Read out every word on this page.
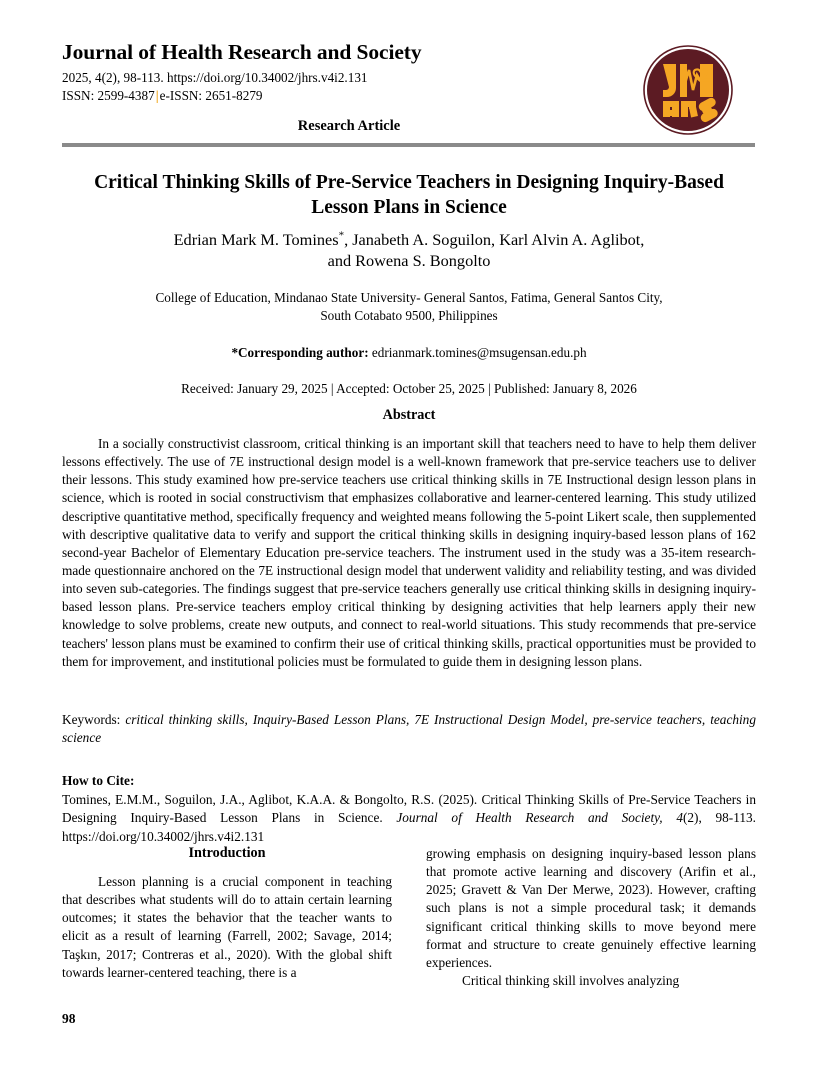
Journal of Health Research and Society
2025, 4(2), 98-113. https://doi.org/10.34002/jhrs.v4i2.131
ISSN: 2599-4387|e-ISSN: 2651-8279
Research Article
Critical Thinking Skills of Pre-Service Teachers in Designing Inquiry-Based Lesson Plans in Science
Edrian Mark M. Tomines*, Janabeth A. Soguilon, Karl Alvin A. Aglibot,
and Rowena S. Bongolto
College of Education, Mindanao State University- General Santos, Fatima, General Santos City, South Cotabato 9500, Philippines
*Corresponding author: edrianmark.tomines@msugensan.edu.ph
Received: January 29, 2025 | Accepted: October 25, 2025 | Published: January 8, 2026
Abstract

In a socially constructivist classroom, critical thinking is an important skill that teachers need to have to help them deliver lessons effectively. The use of 7E instructional design model is a well-known framework that pre-service teachers use to deliver their lessons. This study examined how pre-service teachers use critical thinking skills in 7E Instructional design lesson plans in science, which is rooted in social constructivism that emphasizes collaborative and learner-centered learning. This study utilized descriptive quantitative method, specifically frequency and weighted means following the 5-point Likert scale, then supplemented with descriptive qualitative data to verify and support the critical thinking skills in designing inquiry-based lesson plans of 162 second-year Bachelor of Elementary Education pre-service teachers. The instrument used in the study was a 35-item research-made questionnaire anchored on the 7E instructional design model that underwent validity and reliability testing, and was divided into seven sub-categories. The findings suggest that pre-service teachers generally use critical thinking skills in designing inquiry-based lesson plans. Pre-service teachers employ critical thinking by designing activities that help learners apply their new knowledge to solve problems, create new outputs, and connect to real-world situations. This study recommends that pre-service teachers' lesson plans must be examined to confirm their use of critical thinking skills, practical opportunities must be provided to them for improvement, and institutional policies must be formulated to guide them in designing lesson plans.

Keywords: critical thinking skills, Inquiry-Based Lesson Plans, 7E Instructional Design Model, pre-service teachers, teaching science

How to Cite:

Tomines, E.M.M., Soguilon, J.A., Aglibot, K.A.A. & Bongolto, R.S. (2025). Critical Thinking Skills of Pre-Service Teachers in Designing Inquiry-Based Lesson Plans in Science. Journal of Health Research and Society, 4(2), 98-113. https://doi.org/10.34002/jhrs.v4i2.131

Introduction

Lesson planning is a crucial component in teaching that describes what students will do to attain certain learning outcomes; it states the behavior that the teacher wants to elicit as a result of learning (Farrell, 2002; Savage, 2014; Taşkın, 2017; Contreras et al., 2020). With the global shift towards learner-centered teaching, there is a

growing emphasis on designing inquiry-based lesson plans that promote active learning and discovery (Arifin et al., 2025; Gravett & Van Der Merwe, 2023). However, crafting such plans is not a simple procedural task; it demands significant critical thinking skills to move beyond mere format and structure to create genuinely effective learning experiences.

Critical thinking skill involves analyzing

98
